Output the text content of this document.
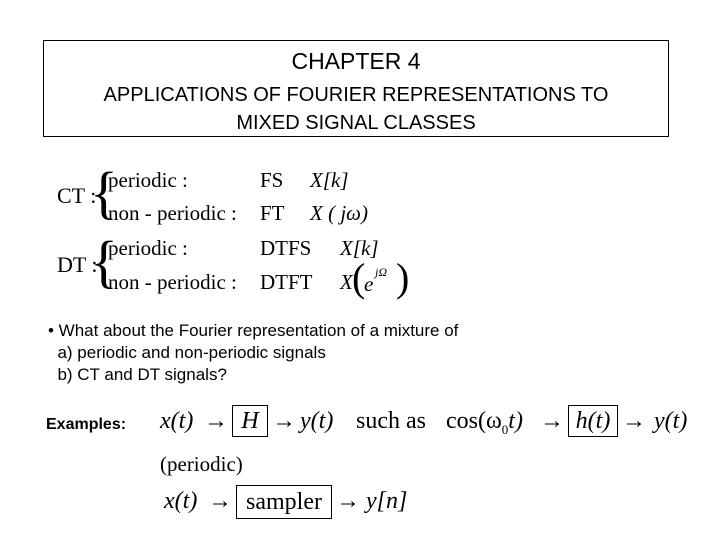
CHAPTER 4
APPLICATIONS OF FOURIER REPRESENTATIONS TO
MIXED SIGNAL CLASSES
CT :
{
DT :
{
periodic :	FS X[k]
non - periodic : FT X ( jω)
periodic :	DTFS X[k]
non - periodic : DTFT X (
e jΩ )
• What about the Fourier representation of a mixture of
a) periodic and non-periodic signals
b) CT and DT signals?
Examples: x(t) → H → y(t) such as $\cos(\omega_0t) \to h(t) \to y(t)$
(periodic)
x(t) → sampler → y[n]
